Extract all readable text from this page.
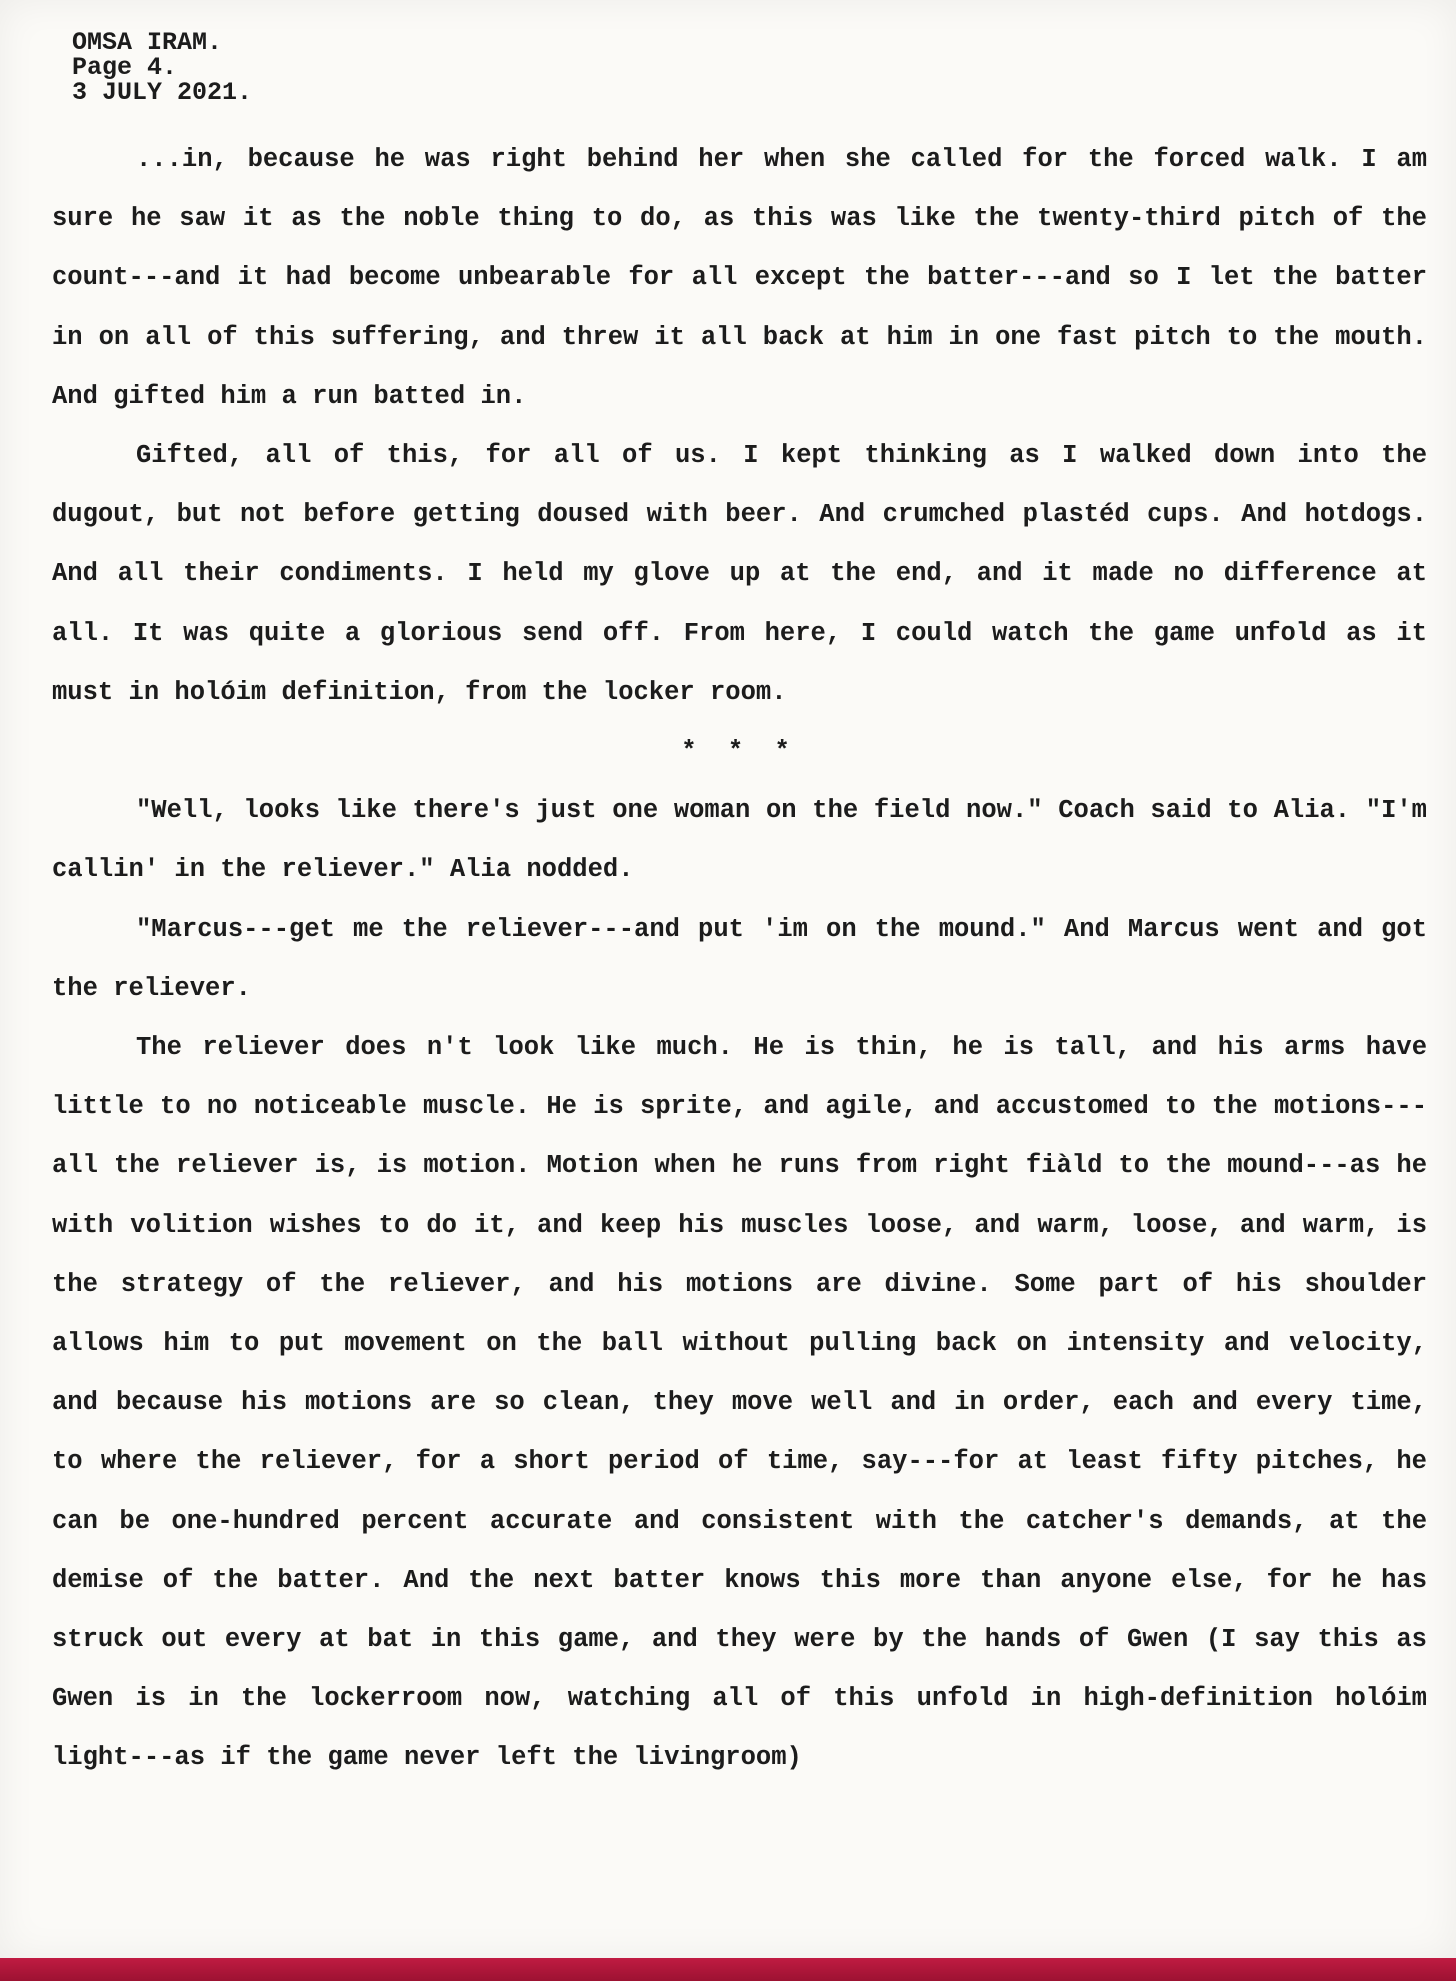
OMSA IRAM.
Page 4.
3 JULY 2021.

...in, because he was right behind her when she called for the forced walk. I am sure he saw it as the noble thing to do, as this was like the twenty-third pitch of the count---and it had become unbearable for all except the batter---and so I let the batter in on all of this suffering, and threw it all back at him in one fast pitch to the mouth. And gifted him a run batted in.

Gifted, all of this, for all of us. I kept thinking as I walked down into the dugout, but not before getting doused with beer. And crumched plastéd cups. And hotdogs. And all their condiments. I held my glove up at the end, and it made no difference at all. It was quite a glorious send off. From here, I could watch the game unfold as it must in holóim definition, from the locker room.

* * *

"Well, looks like there's just one woman on the field now." Coach said to Alia. "I'm callin' in the reliever." Alia nodded.

"Marcus---get me the reliever---and put 'im on the mound." And Marcus went and got the reliever.

The reliever does n't look like much. He is thin, he is tall, and his arms have little to no noticeable muscle. He is sprite, and agile, and accustomed to the motions---all the reliever is, is motion. Motion when he runs from right fiàld to the mound---as he with volition wishes to do it, and keep his muscles loose, and warm, loose, and warm, is the strategy of the reliever, and his motions are divine. Some part of his shoulder allows him to put movement on the ball without pulling back on intensity and velocity, and because his motions are so clean, they move well and in order, each and every time, to where the reliever, for a short period of time, say---for at least fifty pitches, he can be one-hundred percent accurate and consistent with the catcher's demands, at the demise of the batter. And the next batter knows this more than anyone else, for he has struck out every at bat in this game, and they were by the hands of Gwen (I say this as Gwen is in the lockerroom now, watching all of this unfold in high-definition holóim light---as if the game never left the livingroom)
